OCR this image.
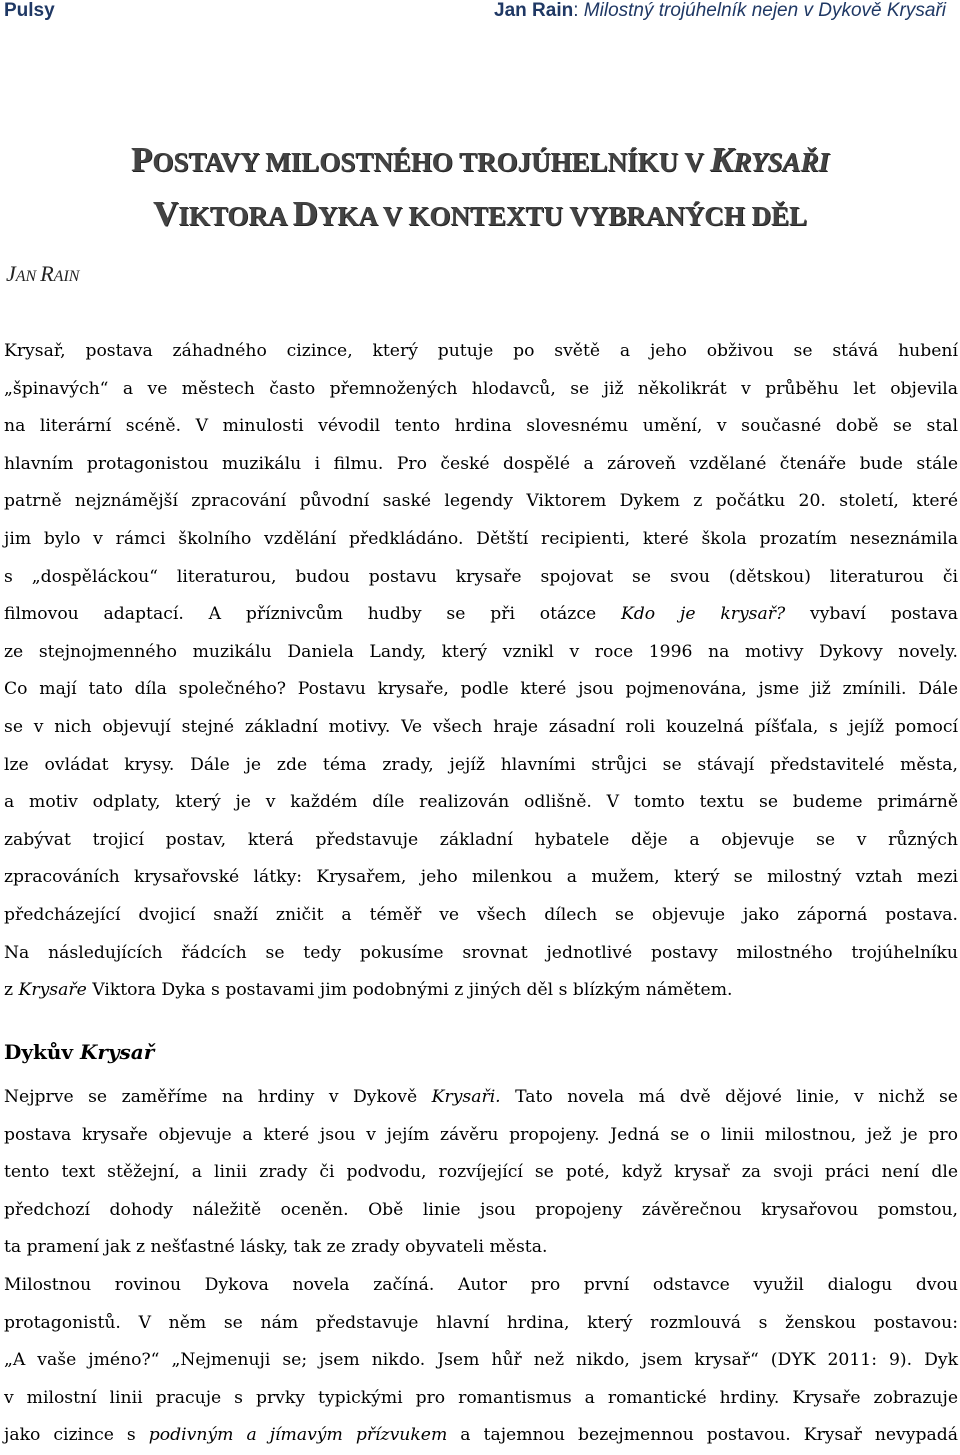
Pulsy	Jan Rain: Milostný trojúhelník nejen v Dykově Krysaři
POSTAVY MILOSTNÉHO TROJÚHELNÍKU V KRYSAŘI
VIKTORA DYKA V KONTEXTU VYBRANÝCH DĚL
JAN RAIN
Krysař, postava záhadného cizince, který putuje po světě a jeho obživou se stává hubení
„špinavých“ a ve městech často přemnožených hlodavců, se již několikrát v průběhu let objevila
na literární scéně. V minulosti vévodil tento hrdina slovesnému umění, v současné době se stal
hlavním protagonistou muzikálu i filmu. Pro české dospělé a zároveň vzdělané čtenáře bude stále
patrně nejznámější zpracování původní saské legendy Viktorem Dykem z počátku 20. století, které
jim bylo v rámci školního vzdělání předkládáno. Dětští recipienti, které škola prozatím neseznámila
s „dospěláckou“ literaturou, budou postavu krysaře spojovat se svou (dětskou) literaturou či
filmovou adaptací. A příznivcům hudby se při otázce Kdo je krysař? vybaví postava
ze stejnojmenného muzikálu Daniela Landy, který vznikl v roce 1996 na motivy Dykovy novely.
Co mají tato díla společného? Postavu krysaře, podle které jsou pojmenována, jsme již zmínili. Dále
se v nich objevují stejné základní motivy. Ve všech hraje zásadní roli kouzelná píšťala, s jejíž pomocí
lze ovládat krysy. Dále je zde téma zrady, jejíž hlavními strůjci se stávají představitelé města,
a motiv odplaty, který je v každém díle realizován odlišně. V tomto textu se budeme primárně
zabývat trojicí postav, která představuje základní hybatele děje a objevuje se v různých
zpracováních krysařovské látky: Krysařem, jeho milenkou a mužem, který se milostný vztah mezi
předcházející dvojicí snaží zničit a téměř ve všech dílech se objevuje jako záporná postava.
Na následujících řádcích se tedy pokusíme srovnat jednotlivé postavy milostného trojúhelníku
z Krysaře Viktora Dyka s postavami jim podobnými z jiných děl s blízkým námětem.
Dykův Krysař
Nejprve se zaměříme na hrdiny v Dykově Krysaři. Tato novela má dvě dějové linie, v nichž se
postava krysaře objevuje a které jsou v jejím závěru propojeny. Jedná se o linii milostnou, jež je pro
tento text stěžejní, a linii zrady či podvodu, rozvíjející se poté, když krysař za svoji práci není dle
předchozí dohody náležitě oceněn. Obě linie jsou propojeny závěrečnou krysařovou pomstou,
ta pramení jak z nešťastné lásky, tak ze zrady obyvateli města.
Milostnou rovinou Dykova novela začíná. Autor pro první odstavce využil dialogu dvou
protagonistů. V něm se nám představuje hlavní hrdina, který rozmlouvá s ženskou postavou:
„A vaše jméno?“ „Nejmenuji se; jsem nikdo. Jsem hůř než nikdo, jsem krysař“ (DYK 2011: 9). Dyk
v milostní linii pracuje s prvky typickými pro romantismus a romantické hrdiny. Krysaře zobrazuje
jako cizince s podivným a jímavým přízvukem a tajemnou bezejmennou postavou. Krysař nevypadá
